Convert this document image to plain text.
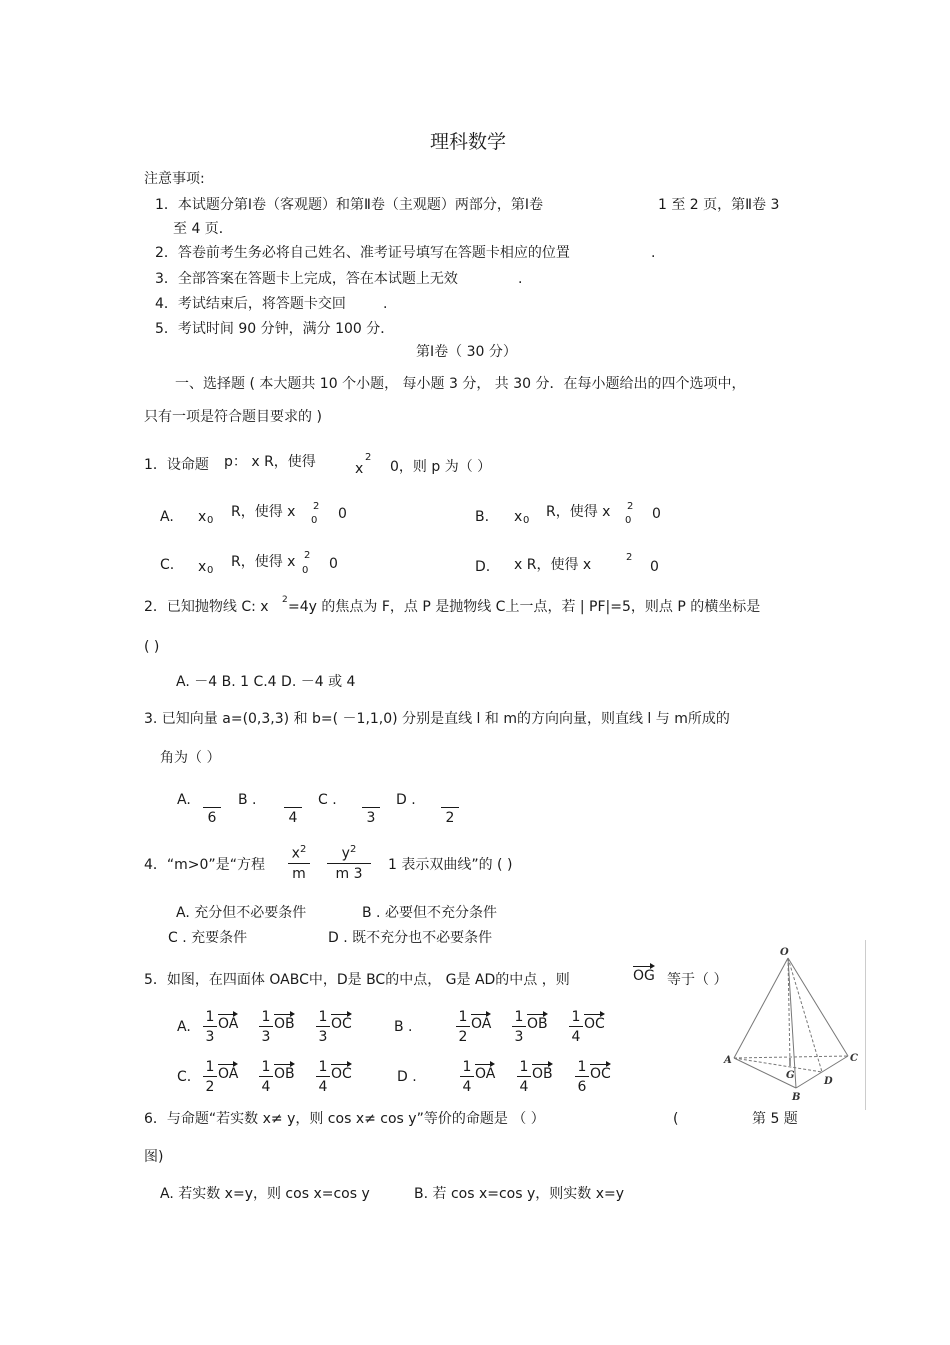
理科数学
注意事项:
1．本试题分第Ⅰ卷（客观题）和第Ⅱ卷（主观题）两部分，第Ⅰ卷	1 至 2 页，第Ⅱ卷 3
至 4 页．
2．答卷前考生务必将自己姓名、准考证号填写在答题卡相应的位置	.
3．全部答案在答题卡上完成，答在本试题上无效	.
4．考试结束后，将答题卡交回	.
5．考试时间 90 分钟，满分 100 分．
第Ⅰ卷（ 30 分）
一、选择题 ( 本大题共 10 个小题， 每小题 3 分， 共 30 分．在每小题给出的四个选项中，
只有一项是符合题目要求的 )
1．设命题 p： x R，使得	x
2
0，则 p 为（ ）
A. x 0
R，使得 x 2
0 0	B. x 0
R，使得 x 2
0 0
C. x 0
R，使得 x 2
0 0	D. x R，使得 x	2
0
2．已知抛物线 C: x 2 =4y 的焦点为 F，点 P 是抛物线 C上一点，若 | PF|=5，则点 P 的横坐标是
( )
A. －4 B. 1 C.4 D. －4 或 4
3. 已知向量 a=(0,3,3) 和 b=( －1,1,0) 分别是直线 l 和 m的方向向量，则直线 l 与 m所成的
角为（ ）
A.

6
B .

4
C .

3
D .

2
4．“m>0”是“方程 $\frac{x^2}{m} \frac{y^2}{m 3} 1$ 表示双曲线”的 ( )
A. 充分但不必要条件	B . 必要但不充分条件
C . 充要条件	D . 既不充分也不必要条件
5．如图，在四面体 OABC中，D是 BC的中点， G是 AD的中点 ，则	OG 等于（ ）
A. $\frac{1}{3}$ OA $\frac{1}{3}$ OB $\frac{1}{3}$ OC	B .	$\frac{1}{2}$ OA $\frac{1}{3}$ OB $\frac{1}{4}$ OC
C. $\frac{1}{2}$ OA $\frac{1}{4}$ OB $\frac{1}{4}$ OC	D .	$\frac{1}{4}$ OA $\frac{1}{4}$ OB $\frac{1}{6}$ OC
O
A	C
G
D
B
6．与命题“若实数 x≠ y，则 cos x≠ cos y”等价的命题是 （ ）	(	第 5 题
图)
A. 若实数 x=y，则 cos x=cos y	B. 若 cos x=cos y，则实数 x=y
